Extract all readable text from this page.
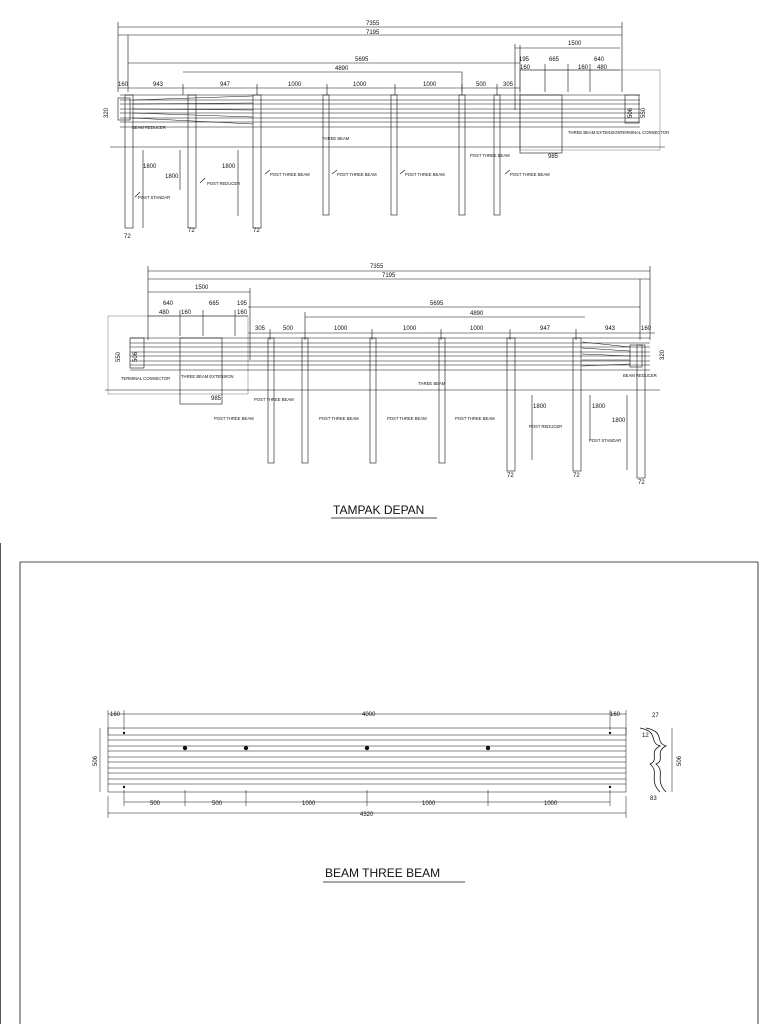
7355
7195
1500
195	665	640
160	160 480
5695
4890
160	943	947	1000	1000	1000	500	305
320	506 550
1800
1800
1800
72
72	72
985
BEAM REDUCER
POST STANDAR
POST REDUCER
POST THREE BEAM	POST THREE BEAM	POST THREE BEAM
POST THREE BEAM
POST THREE BEAM
THREE BEAM
THREE BEAM EXTENSION TERMINAL CONNECTOR
7355
7195
1500
640	665	195
480 160	160
5695
4890
305	500	1000	1000	1000	947	943	160
550 506	320
1800	1800
1800
72	72
72
985
TERMINAL CONNECTOR	THREE BEAM EXTENSION
THREE BEAM
POST THREE BEAM
POST THREE BEAM
POST THREE BEAM	POST THREE BEAM	POST THREE BEAM
POST REDUCER
POST STANDAR
BEAM REDUCER
TAMPAK DEPAN
160	4000	160
500	500	1000	1000	1000
4320
506
27
12
506
83
BEAM THREE BEAM
